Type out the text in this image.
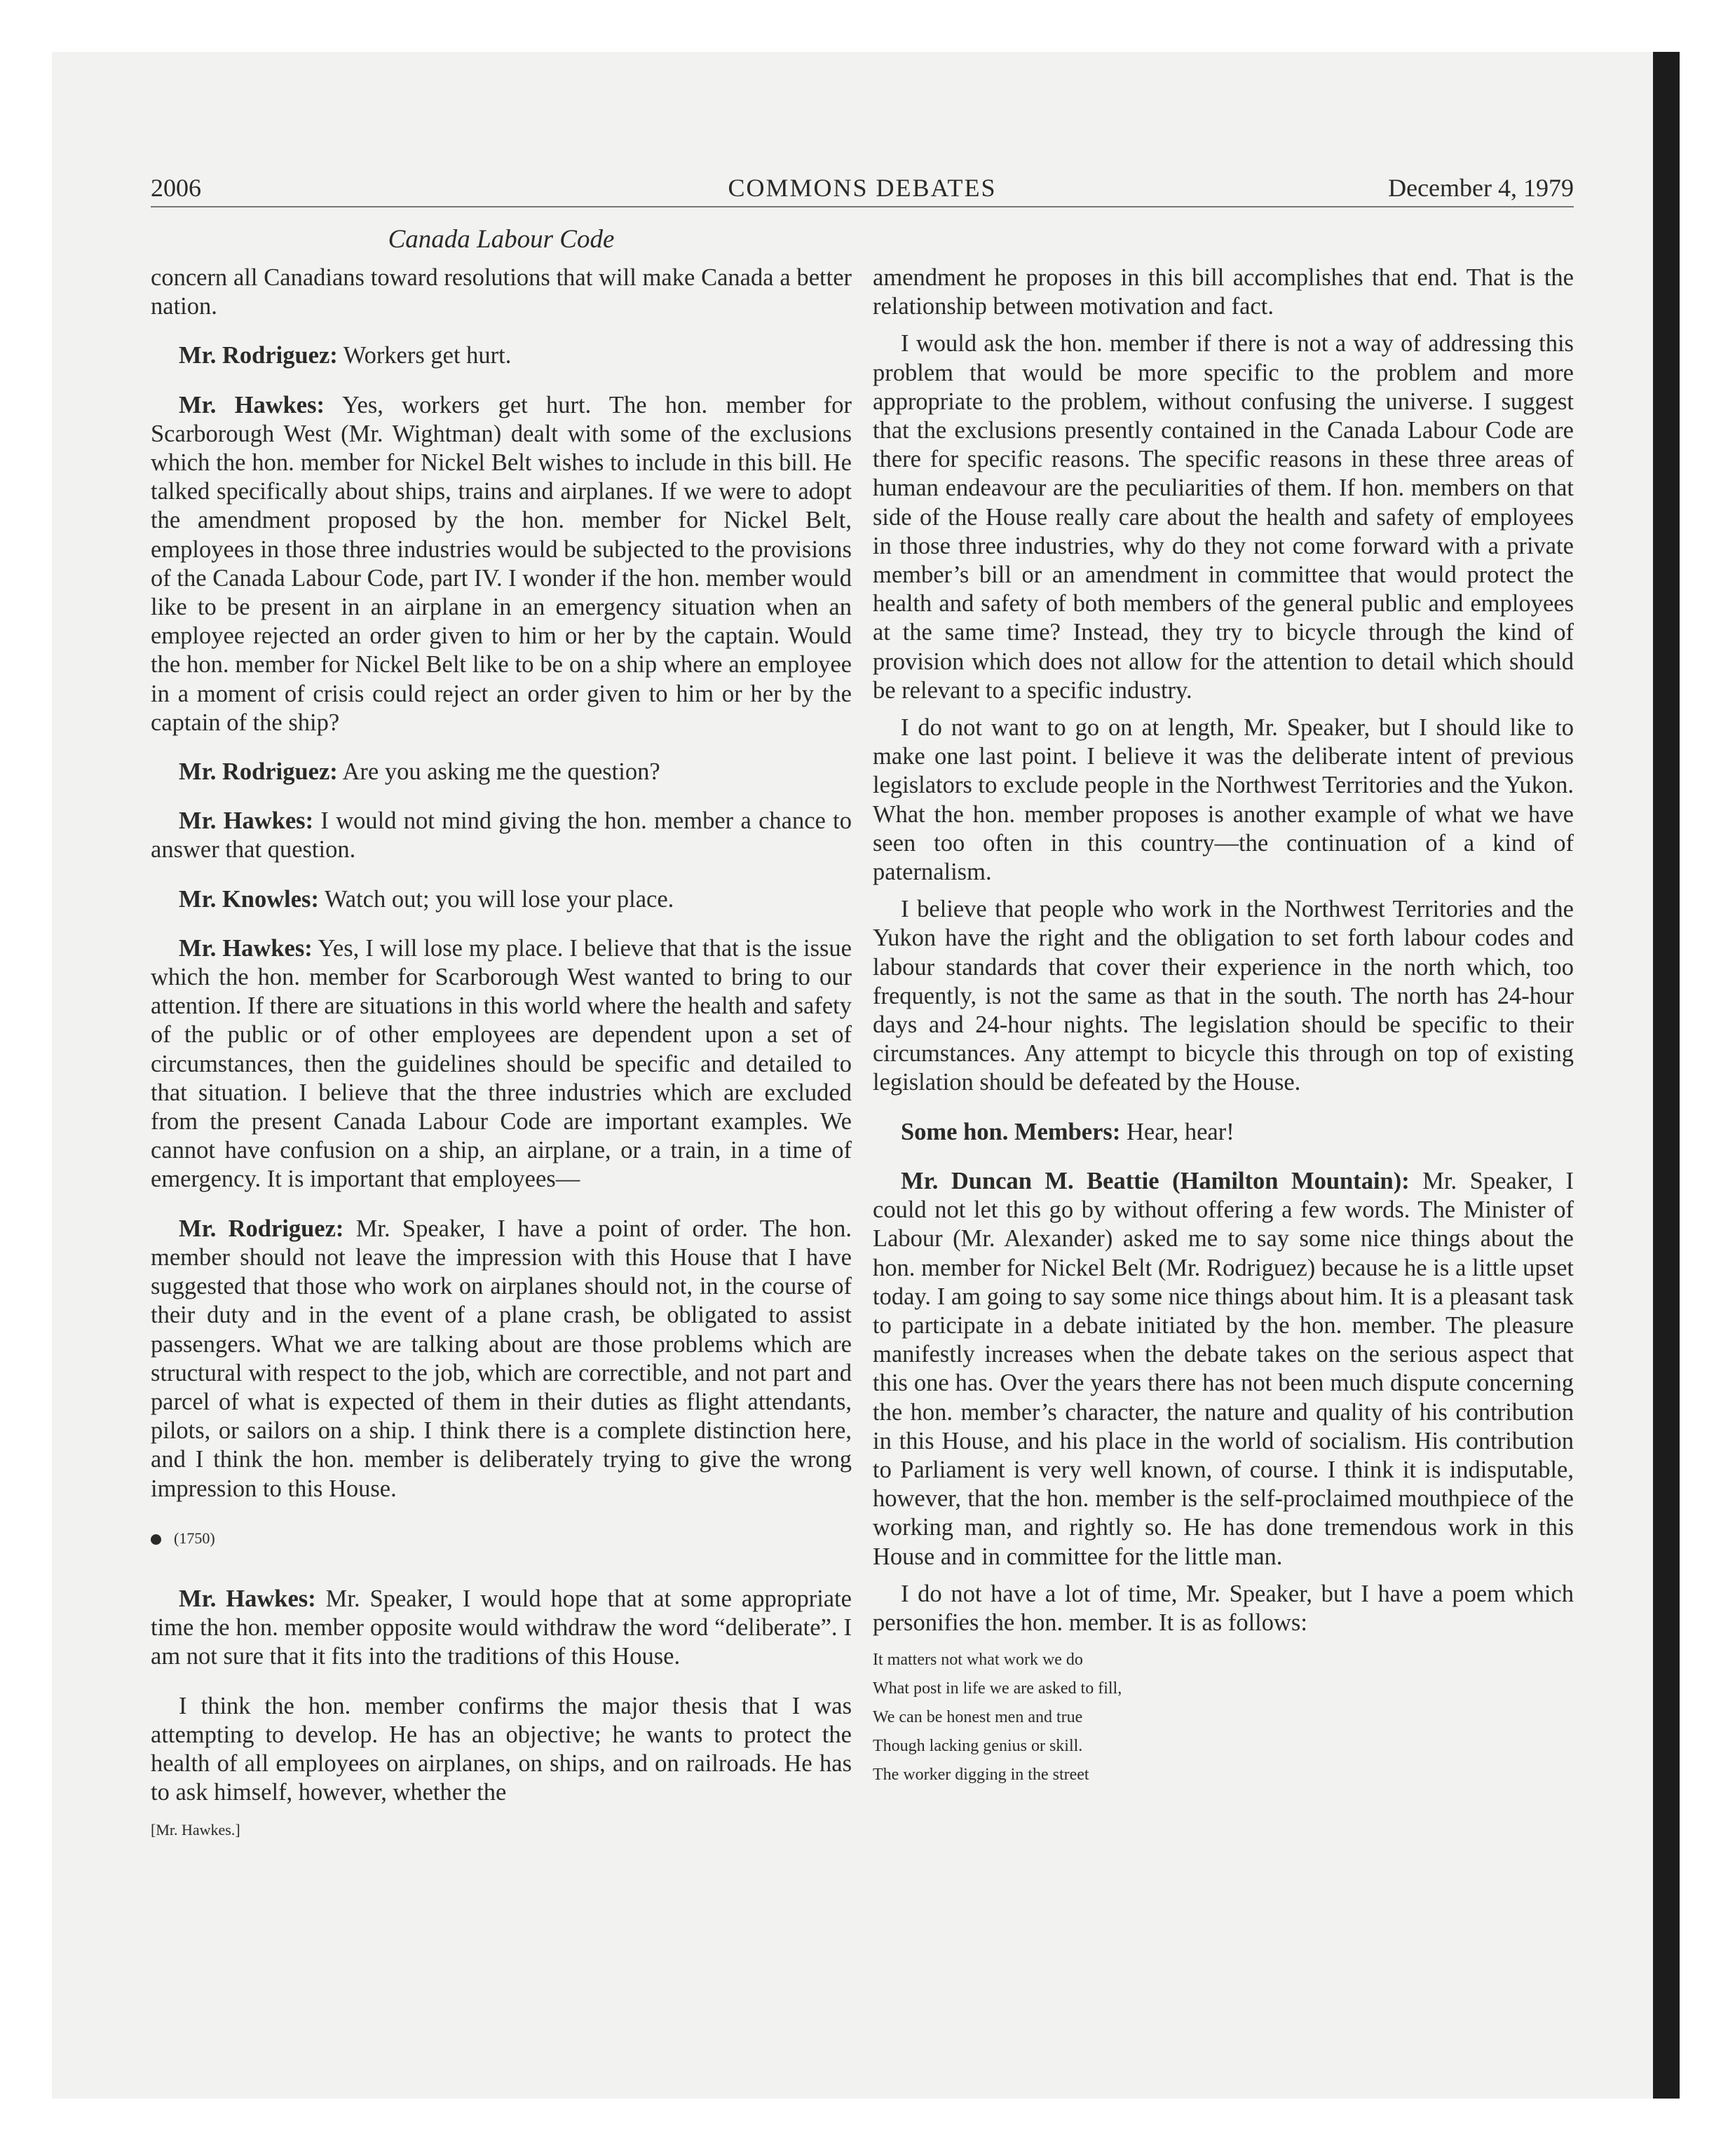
2006	COMMONS DEBATES	December 4, 1979
Canada Labour Code

concern all Canadians toward resolutions that will make Canada a better nation.

Mr. Rodriguez: Workers get hurt.

Mr. Hawkes: Yes, workers get hurt. The hon. member for Scarborough West (Mr. Wightman) dealt with some of the exclusions which the hon. member for Nickel Belt wishes to include in this bill. He talked specifically about ships, trains and airplanes. If we were to adopt the amendment proposed by the hon. member for Nickel Belt, employees in those three industries would be subjected to the provisions of the Canada Labour Code, part IV. I wonder if the hon. member would like to be present in an airplane in an emergency situation when an employee rejected an order given to him or her by the captain. Would the hon. member for Nickel Belt like to be on a ship where an employee in a moment of crisis could reject an order given to him or her by the captain of the ship?

Mr. Rodriguez: Are you asking me the question?

Mr. Hawkes: I would not mind giving the hon. member a chance to answer that question.

Mr. Knowles: Watch out; you will lose your place.

Mr. Hawkes: Yes, I will lose my place. I believe that that is the issue which the hon. member for Scarborough West wanted to bring to our attention. If there are situations in this world where the health and safety of the public or of other employees are dependent upon a set of circumstances, then the guidelines should be specific and detailed to that situation. I believe that the three industries which are excluded from the present Canada Labour Code are important examples. We cannot have confusion on a ship, an airplane, or a train, in a time of emergency. It is important that employees—

Mr. Rodriguez: Mr. Speaker, I have a point of order. The hon. member should not leave the impression with this House that I have suggested that those who work on airplanes should not, in the course of their duty and in the event of a plane crash, be obligated to assist passengers. What we are talking about are those problems which are structural with respect to the job, which are correctible, and not part and parcel of what is expected of them in their duties as flight attendants, pilots, or sailors on a ship. I think there is a complete distinction here, and I think the hon. member is deliberately trying to give the wrong impression to this House.

(1750)

Mr. Hawkes: Mr. Speaker, I would hope that at some appropriate time the hon. member opposite would withdraw the word “deliberate”. I am not sure that it fits into the traditions of this House.

I think the hon. member confirms the major thesis that I was attempting to develop. He has an objective; he wants to protect the health of all employees on airplanes, on ships, and on railroads. He has to ask himself, however, whether the

[Mr. Hawkes.]

amendment he proposes in this bill accomplishes that end. That is the relationship between motivation and fact.

I would ask the hon. member if there is not a way of addressing this problem that would be more specific to the problem and more appropriate to the problem, without confusing the universe. I suggest that the exclusions presently contained in the Canada Labour Code are there for specific reasons. The specific reasons in these three areas of human endeavour are the peculiarities of them. If hon. members on that side of the House really care about the health and safety of employees in those three industries, why do they not come forward with a private member’s bill or an amendment in committee that would protect the health and safety of both members of the general public and employees at the same time? Instead, they try to bicycle through the kind of provision which does not allow for the attention to detail which should be relevant to a specific industry.

I do not want to go on at length, Mr. Speaker, but I should like to make one last point. I believe it was the deliberate intent of previous legislators to exclude people in the Northwest Territories and the Yukon. What the hon. member proposes is another example of what we have seen too often in this country—the continuation of a kind of paternalism.

I believe that people who work in the Northwest Territories and the Yukon have the right and the obligation to set forth labour codes and labour standards that cover their experience in the north which, too frequently, is not the same as that in the south. The north has 24-hour days and 24-hour nights. The legislation should be specific to their circumstances. Any attempt to bicycle this through on top of existing legislation should be defeated by the House.

Some hon. Members: Hear, hear!

Mr. Duncan M. Beattie (Hamilton Mountain): Mr. Speaker, I could not let this go by without offering a few words. The Minister of Labour (Mr. Alexander) asked me to say some nice things about the hon. member for Nickel Belt (Mr. Rodriguez) because he is a little upset today. I am going to say some nice things about him. It is a pleasant task to participate in a debate initiated by the hon. member. The pleasure manifestly increases when the debate takes on the serious aspect that this one has. Over the years there has not been much dispute concerning the hon. member’s character, the nature and quality of his contribution in this House, and his place in the world of socialism. His contribution to Parliament is very well known, of course. I think it is indisputable, however, that the hon. member is the self-proclaimed mouthpiece of the working man, and rightly so. He has done tremendous work in this House and in committee for the little man.

I do not have a lot of time, Mr. Speaker, but I have a poem which personifies the hon. member. It is as follows:

It matters not what work we do
What post in life we are asked to fill,
We can be honest men and true
Though lacking genius or skill.
The worker digging in the street
